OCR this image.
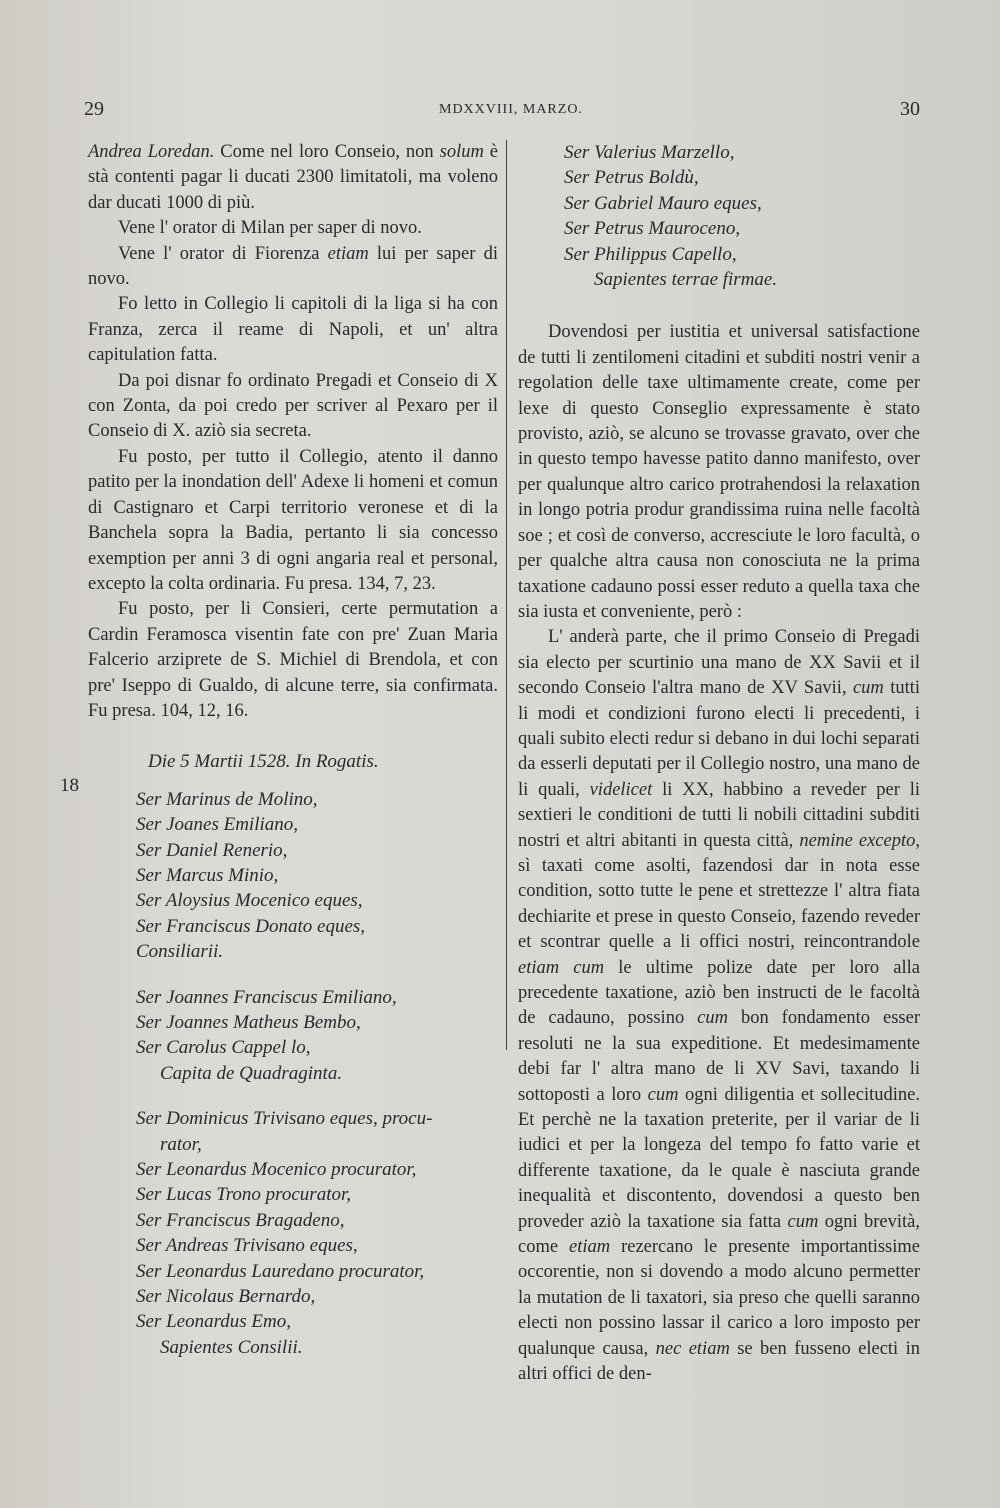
29	MDXXVIII, MARZO.	30

Andrea Loredan. Come nel loro Conseio, non solum è stà contenti pagar li ducati 2300 limitatoli, ma voleno dar ducati 1000 di più.

Vene l' orator di Milan per saper di novo.

Vene l' orator di Fiorenza etiam lui per saper di novo.

Fo letto in Collegio li capitoli di la liga si ha con Franza, zerca il reame di Napoli, et un' altra capitulation fatta.

Da poi disnar fo ordinato Pregadi et Conseio di X con Zonta, da poi credo per scriver al Pexaro per il Conseio di X. aziò sia secreta.

Fu posto, per tutto il Collegio, atento il danno patito per la inondation dell' Adexe li homeni et comun di Castignaro et Carpi territorio veronese et di la Banchela sopra la Badia, pertanto li sia concesso exemption per anni 3 di ogni angaria real et personal, excepto la colta ordinaria. Fu presa. 134, 7, 23.

Fu posto, per li Consieri, certe permutation a Cardin Feramosca visentin fate con pre' Zuan Maria Falcerio arziprete de S. Michiel di Brendola, et con pre' Iseppo di Gualdo, di alcune terre, sia confirmata. Fu presa. 104, 12, 16.

Die 5 Martii 1528. In Rogatis.
Ser Marinus de Molino,
Ser Joanes Emiliano,
Ser Daniel Renerio,
Ser Marcus Minio,
Ser Aloysius Mocenico eques,
Ser Franciscus Donato eques,
Consiliarii.
Ser Joannes Franciscus Emiliano,
Ser Joannes Matheus Bembo,
Ser Carolus Cappel lo,
Capita de Quadraginta.
Ser Dominicus Trivisano eques, procu-
rator,
Ser Leonardus Mocenico procurator,
Ser Lucas Trono procurator,
Ser Franciscus Bragadeno,
Ser Andreas Trivisano eques,
Ser Leonardus Lauredano procurator,
Ser Nicolaus Bernardo,
Ser Leonardus Emo,
Sapientes Consilii.
18
Ser Valerius Marzello,
Ser Petrus Boldù,
Ser Gabriel Mauro eques,
Ser Petrus Mauroceno,
Ser Philippus Capello,
Sapientes terrae firmae.

Dovendosi per iustitia et universal satisfactione de tutti li zentilomeni citadini et subditi nostri venir a regolation delle taxe ultimamente create, come per lexe di questo Conseglio expressamente è stato provisto, aziò, se alcuno se trovasse gravato, over che in questo tempo havesse patito danno manifesto, over per qualunque altro carico protrahendosi la relaxation in longo potria produr grandissima ruina nelle facoltà soe ; et così de converso, accresciute le loro facultà, o per qualche altra causa non conosciuta ne la prima taxatione cadauno possi esser reduto a quella taxa che sia iusta et conveniente, però :

L' anderà parte, che il primo Conseio di Pregadi sia electo per scurtinio una mano de XX Savii et il secondo Conseio l'altra mano de XV Savii, cum tutti li modi et condizioni furono electi li precedenti, i quali subito electi redur si debano in dui lochi separati da esserli deputati per il Collegio nostro, una mano de li quali, videlicet li XX, habbino a reveder per li sextieri le conditioni de tutti li nobili cittadini subditi nostri et altri abitanti in questa città, nemine excepto, sì taxati come asolti, fazendosi dar in nota esse condition, sotto tutte le pene et strettezze l' altra fiata dechiarite et prese in questo Conseio, fazendo reveder et scontrar quelle a li offici nostri, reincontrandole etiam cum le ultime polize date per loro alla precedente taxatione, aziò ben instructi de le facoltà de cadauno, possino cum bon fondamento esser resoluti ne la sua expeditione. Et medesimamente debi far l' altra mano de li XV Savi, taxando li sottoposti a loro cum ogni diligentia et sollecitudine. Et perchè ne la taxation preterite, per il variar de li iudici et per la longeza del tempo fo fatto varie et differente taxatione, da le quale è nasciuta grande inequalità et discontento, dovendosi a questo ben proveder aziò la taxatione sia fatta cum ogni brevità, come etiam rezercano le presente importantissime occorentie, non si dovendo a modo alcuno permetter la mutation de li taxatori, sia preso che quelli saranno electi non possino lassar il carico a loro imposto per qualunque causa, nec etiam se ben fusseno electi in altri offici de den-
